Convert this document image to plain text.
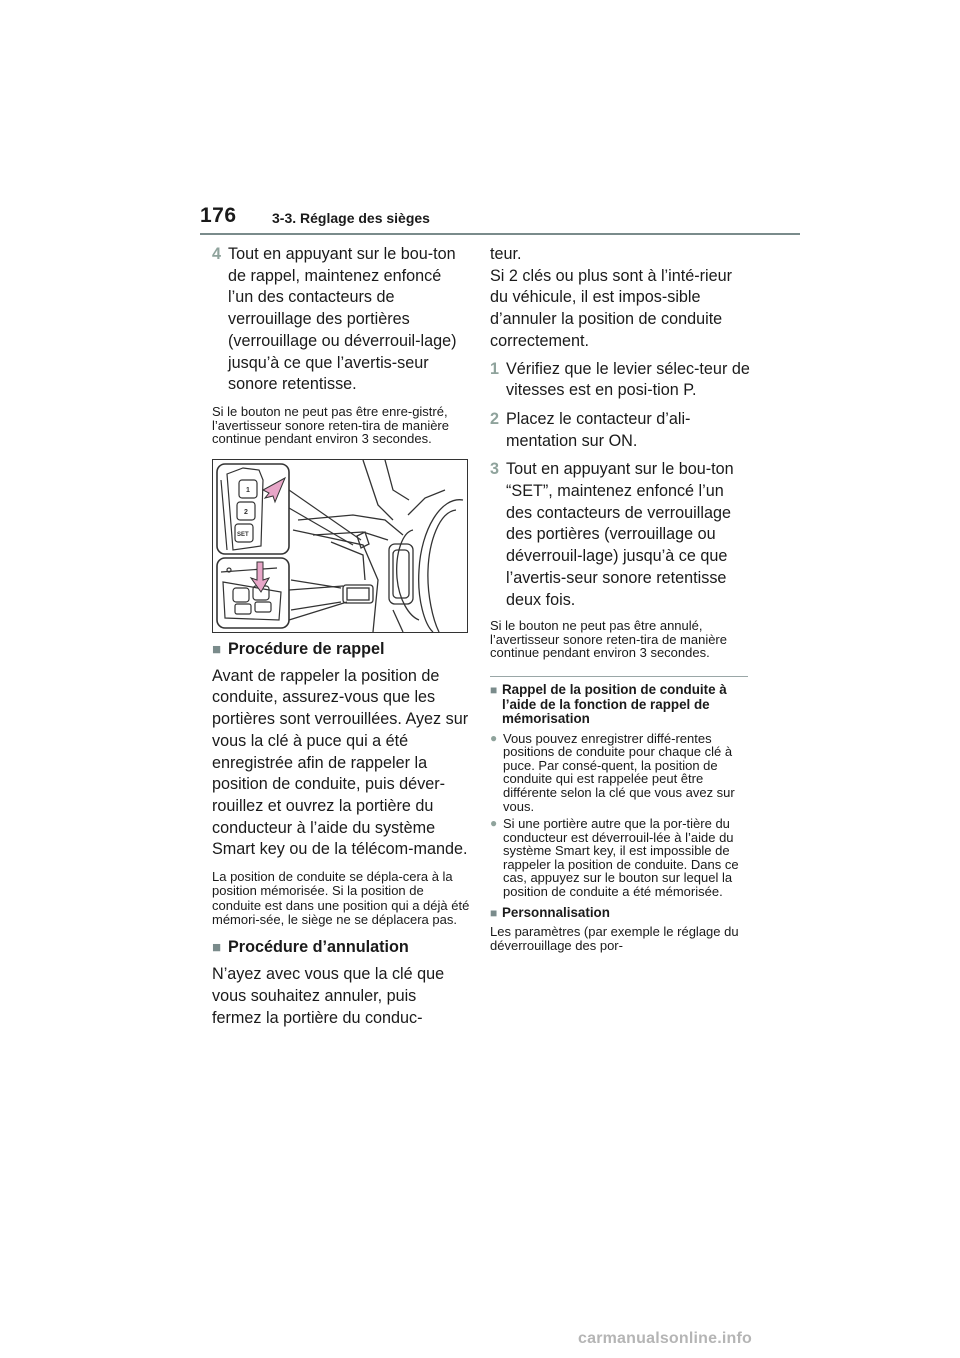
176	3-3. Réglage des sièges
4 Tout en appuyant sur le bou-ton de rappel, maintenez enfoncé l’un des contacteurs de verrouillage des portières (verrouillage ou déverrouil-lage) jusqu’à ce que l’avertis-seur sonore retentisse.

Si le bouton ne peut pas être enre-gistré, l’avertisseur sonore reten-tira de manière continue pendant environ 3 secondes.

1
2
SET
■ Procédure de rappel

Avant de rappeler la position de conduite, assurez-vous que les portières sont verrouillées. Ayez sur vous la clé à puce qui a été enregistrée afin de rappeler la position de conduite, puis déver-rouillez et ouvrez la portière du conducteur à l’aide du système Smart key ou de la télécom-mande.

La position de conduite se dépla-cera à la position mémorisée. Si la position de conduite est dans une position qui a déjà été mémori-sée, le siège ne se déplacera pas.

■ Procédure d’annulation

N’ayez avec vous que la clé que vous souhaitez annuler, puis fermez la portière du conduc-

teur.

Si 2 clés ou plus sont à l’inté-rieur du véhicule, il est impos-sible d’annuler la position de conduite correctement.

1 Vérifiez que le levier sélec-teur de vitesses est en posi-tion P.
2 Placez le contacteur d’ali-mentation sur ON.
3 Tout en appuyant sur le bou-ton “SET”, maintenez enfoncé l’un des contacteurs de verrouillage des portières (verrouillage ou déverrouil-lage) jusqu’à ce que l’avertis-seur sonore retentisse deux fois.

Si le bouton ne peut pas être annulé, l’avertisseur sonore reten-tira de manière continue pendant environ 3 secondes.

■ Rappel de la position de conduite à l’aide de la fonction de rappel de mémorisation
● Vous pouvez enregistrer diffé-rentes positions de conduite pour chaque clé à puce. Par consé-quent, la position de conduite qui est rappelée peut être différente selon la clé que vous avez sur vous.
● Si une portière autre que la por-tière du conducteur est déverrouil-lée à l’aide du système Smart key, il est impossible de rappeler la position de conduite. Dans ce cas, appuyez sur le bouton sur lequel la position de conduite a été mémorisée.
■ Personnalisation

Les paramètres (par exemple le réglage du déverrouillage des por-

carmanualsonline.info
